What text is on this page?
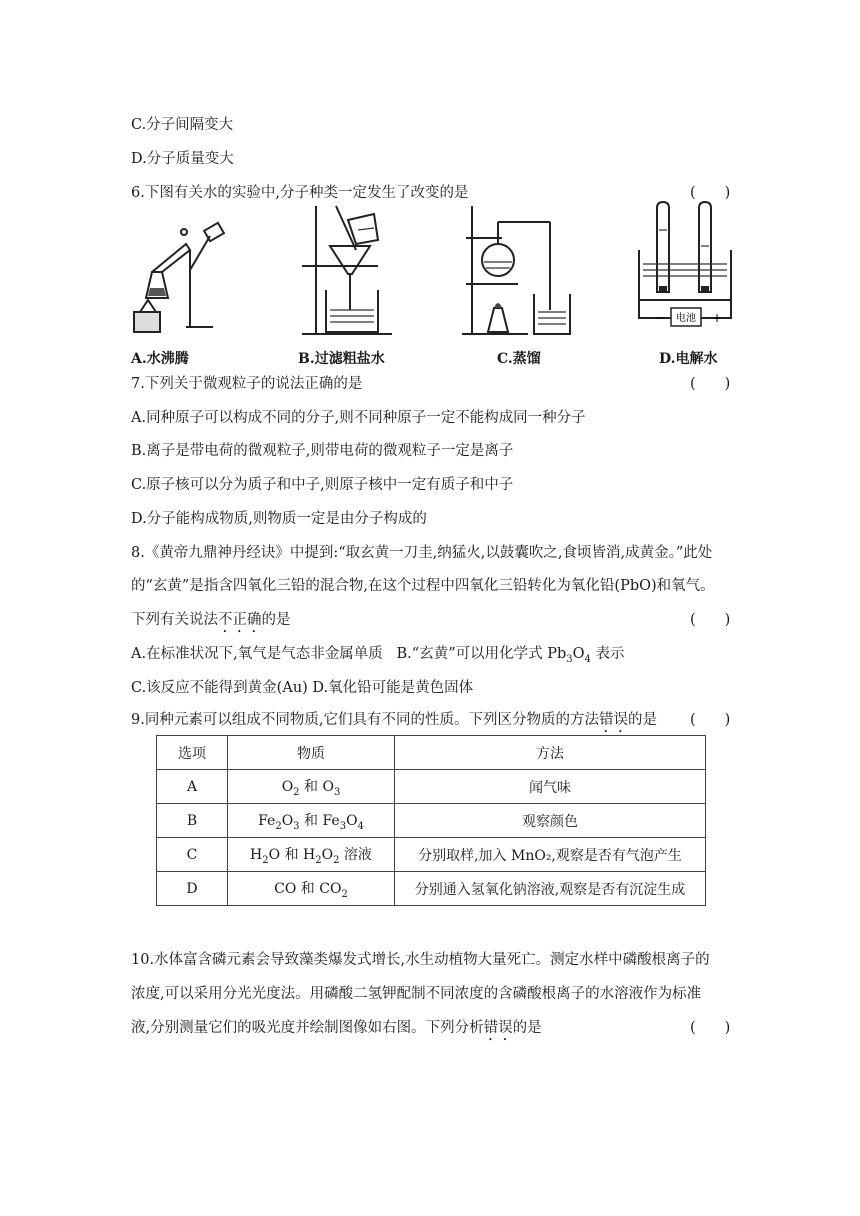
C.分子间隔变大
D.分子质量变大
6.下图有关水的实验中,分子种类一定发生了改变的是	(　　)
电池
−	+
A.水沸腾	B.过滤粗盐水	C.蒸馏	D.电解水
7.下列关于微观粒子的说法正确的是	(　　)
A.同种原子可以构成不同的分子,则不同种原子一定不能构成同一种分子
B.离子是带电荷的微观粒子,则带电荷的微观粒子一定是离子
C.原子核可以分为质子和中子,则原子核中一定有质子和中子
D.分子能构成物质,则物质一定是由分子构成的
8.《黄帝九鼎神丹经诀》中提到:“取玄黄一刀圭,纳猛火,以鼓囊吹之,食顷皆消,成黄金。”此处
的“玄黄”是指含四氧化三铅的混合物,在这个过程中四氧化三铅转化为氧化铅(PbO)和氧气。
下列有关说法不正确的是	(　　)
A.在标准状况下,氧气是气态非金属单质 B.“玄黄”可以用化学式 $Pb_3O_4$ 表示
C.该反应不能得到黄金(Au) D.氧化铅可能是黄色固体
9.同种元素可以组成不同物质,它们具有不同的性质。下列区分物质的方法错误的是 (　　)
选项	物质	方法
A	$O_2$ 和 $O_3$	闻气味
B	$Fe_2O_3$ 和 $Fe_3O_4$	观察颜色
C	$H_2O$ 和 $H_2O_2$ 溶液	分别取样,加入 MnO₂,观察是否有气泡产生
D	CO 和 $CO_2$	分别通入氢氧化钠溶液,观察是否有沉淀生成
10.水体富含磷元素会导致藻类爆发式增长,水生动植物大量死亡。测定水样中磷酸根离子的
浓度,可以采用分光光度法。用磷酸二氢钾配制不同浓度的含磷酸根离子的水溶液作为标准
液,分别测量它们的吸光度并绘制图像如右图。下列分析错误的是	(　　)
